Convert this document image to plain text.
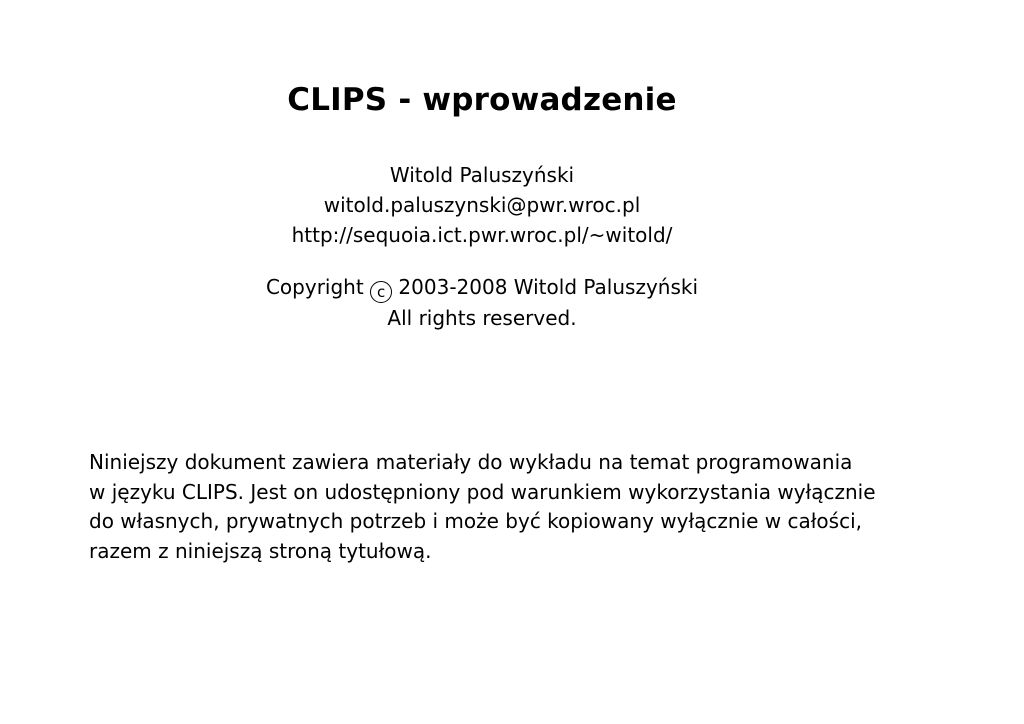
CLIPS - wprowadzenie
Witold Paluszyński
witold.paluszynski@pwr.wroc.pl
http://sequoia.ict.pwr.wroc.pl/~witold/
Copyright c 2003-2008 Witold Paluszyński
All rights reserved.
Niniejszy dokument zawiera materiały do wykładu na temat programowania
w języku CLIPS. Jest on udostępniony pod warunkiem wykorzystania wyłącznie
do własnych, prywatnych potrzeb i może być kopiowany wyłącznie w całości,
razem z niniejszą stroną tytułową.
